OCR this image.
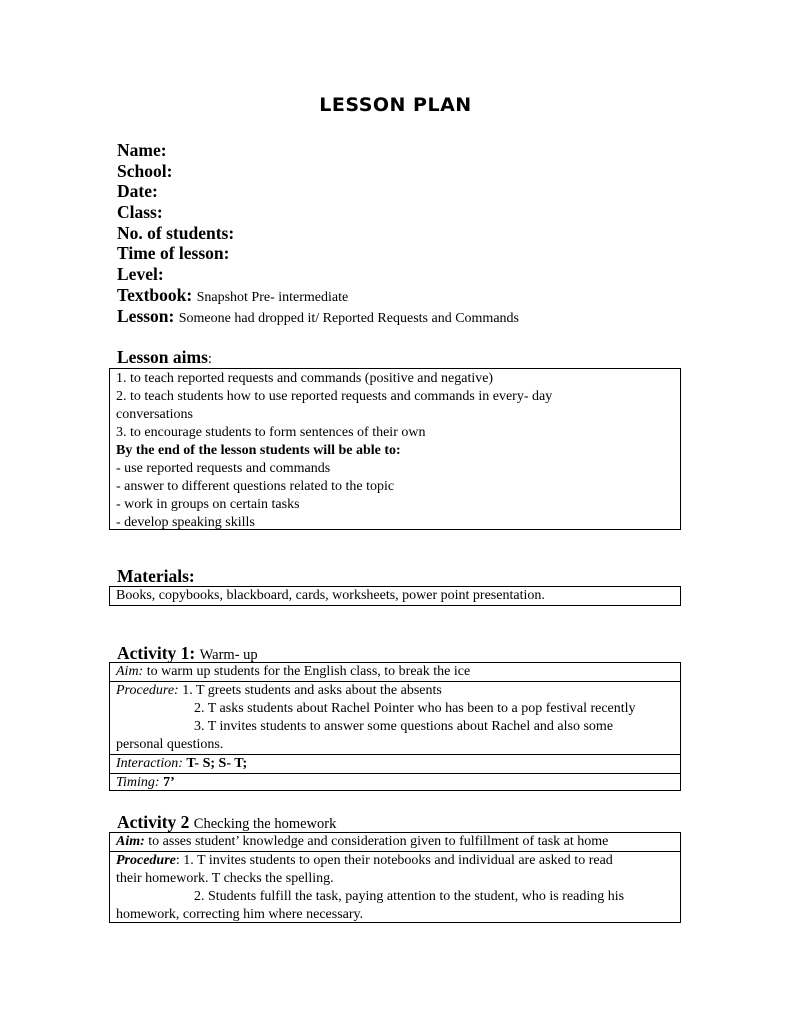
LESSON PLAN
Name:
School:
Date:
Class:
No. of students:
Time of lesson:
Level:
Textbook: Snapshot Pre- intermediate
Lesson: Someone had dropped it/ Reported Requests and Commands
Lesson aims:
1. to teach reported requests and commands (positive and negative)
2. to teach students how to use reported requests and commands in every- day
conversations
3. to encourage students to form sentences of their own
By the end of the lesson students will be able to:
- use reported requests and commands
- answer to different questions related to the topic
- work in groups on certain tasks
- develop speaking skills
Materials:
Books, copybooks, blackboard, cards, worksheets, power point presentation.
Activity 1: Warm- up
Aim: to warm up students for the English class, to break the ice
Procedure: 1. T greets students and asks about the absents
2. T asks students about Rachel Pointer who has been to a pop festival recently
3. T invites students to answer some questions about Rachel and also some
personal questions.
Interaction: T- S; S- T;
Timing: 7’
Activity 2 Checking the homework
Aim: to asses student’ knowledge and consideration given to fulfillment of task at home
Procedure: 1. T invites students to open their notebooks and individual are asked to read
their homework. T checks the spelling.
2. Students fulfill the task, paying attention to the student, who is reading his
homework, correcting him where necessary.
